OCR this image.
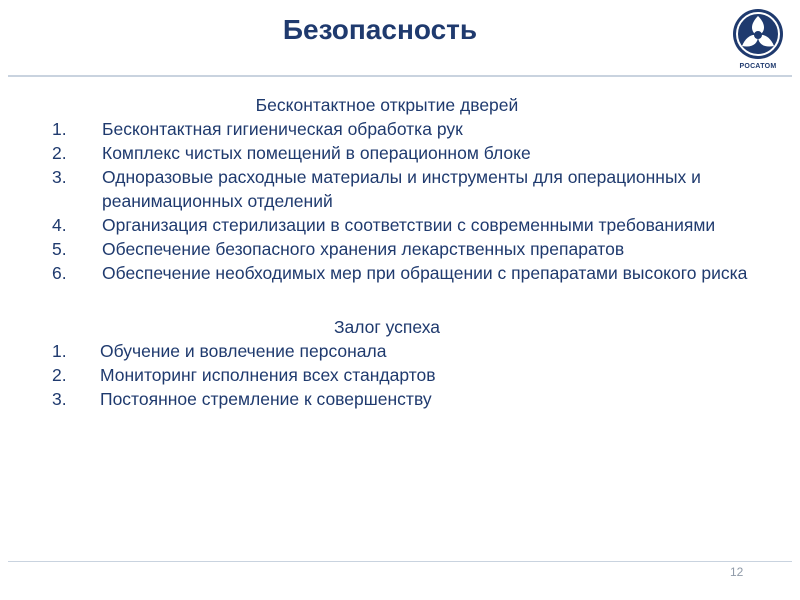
Безопасность
РОСАТОМ
Бесконтактное открытие дверей
1.	Бесконтактная гигиеническая обработка рук
2.	Комплекс чистых помещений в операционном блоке
3.	Одноразовые расходные материалы и инструменты для операционных и реанимационных отделений
4.	Организация стерилизации в соответствии с современными требованиями
5.	Обеспечение безопасного хранения лекарственных препаратов
6.	Обеспечение необходимых мер при обращении с препаратами высокого риска
Залог успеха
1.	Обучение и вовлечение персонала
2.	Мониторинг исполнения всех стандартов
3.	Постоянное стремление к совершенству
12
